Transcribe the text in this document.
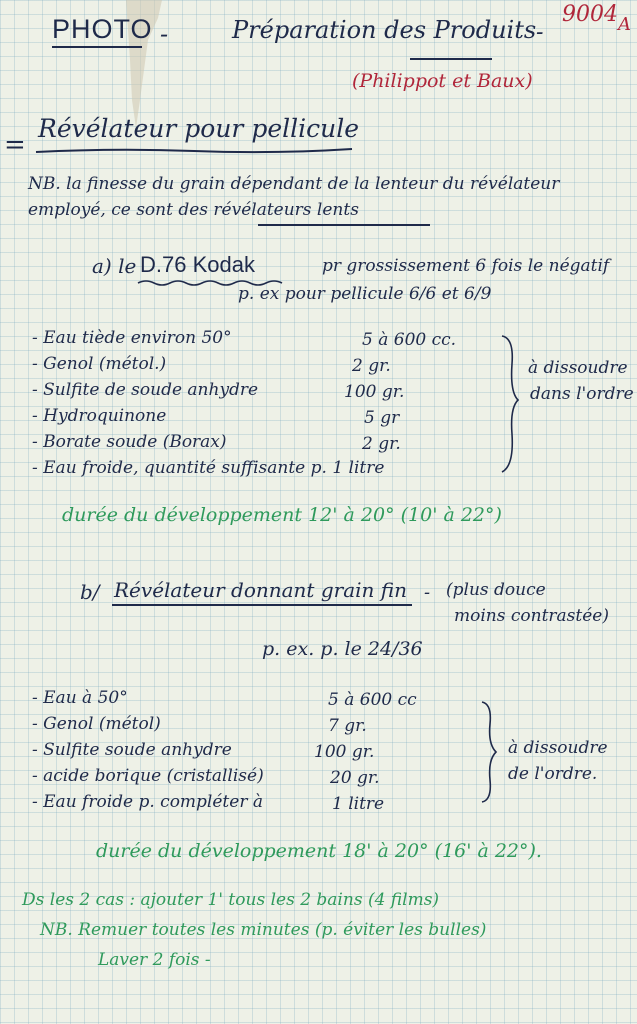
PHOTO -	Préparation des Produits -
9004 A
(Philippot et Baux)
=
Révélateur pour pellicule
NB. la finesse du grain dépendant de la lenteur du révélateur
employé, ce sont des révélateurs lents
a) le D.76 Kodak	pr grossissement 6 fois le négatif
p. ex pour pellicule 6/6 et 6/9
- Eau tiède environ 50°	5 à 600 cc.
- Genol (métol.)	2 gr.
- Sulfite de soude anhydre	100 gr.
- Hydroquinone	5 gr
- Borate soude (Borax)	2 gr.
- Eau froide, quantité suffisante p. 1 litre
à dissoudre
dans l'ordre
durée du développement 12' à 20° (10' à 22°)
b/ Révélateur donnant grain fin - (plus douce
moins contrastée)
p. ex. p. le 24/36
- Eau à 50°	5 à 600 cc
- Genol (métol)	7 gr.
- Sulfite soude anhydre	100 gr.
- acide borique (cristallisé)	20 gr.
- Eau froide p. compléter à	1 litre
à dissoudre
de l'ordre.
durée du développement 18' à 20° (16' à 22°).
Ds les 2 cas : ajouter 1' tous les 2 bains (4 films)
NB. Remuer toutes les minutes (p. éviter les bulles)
Laver 2 fois -
